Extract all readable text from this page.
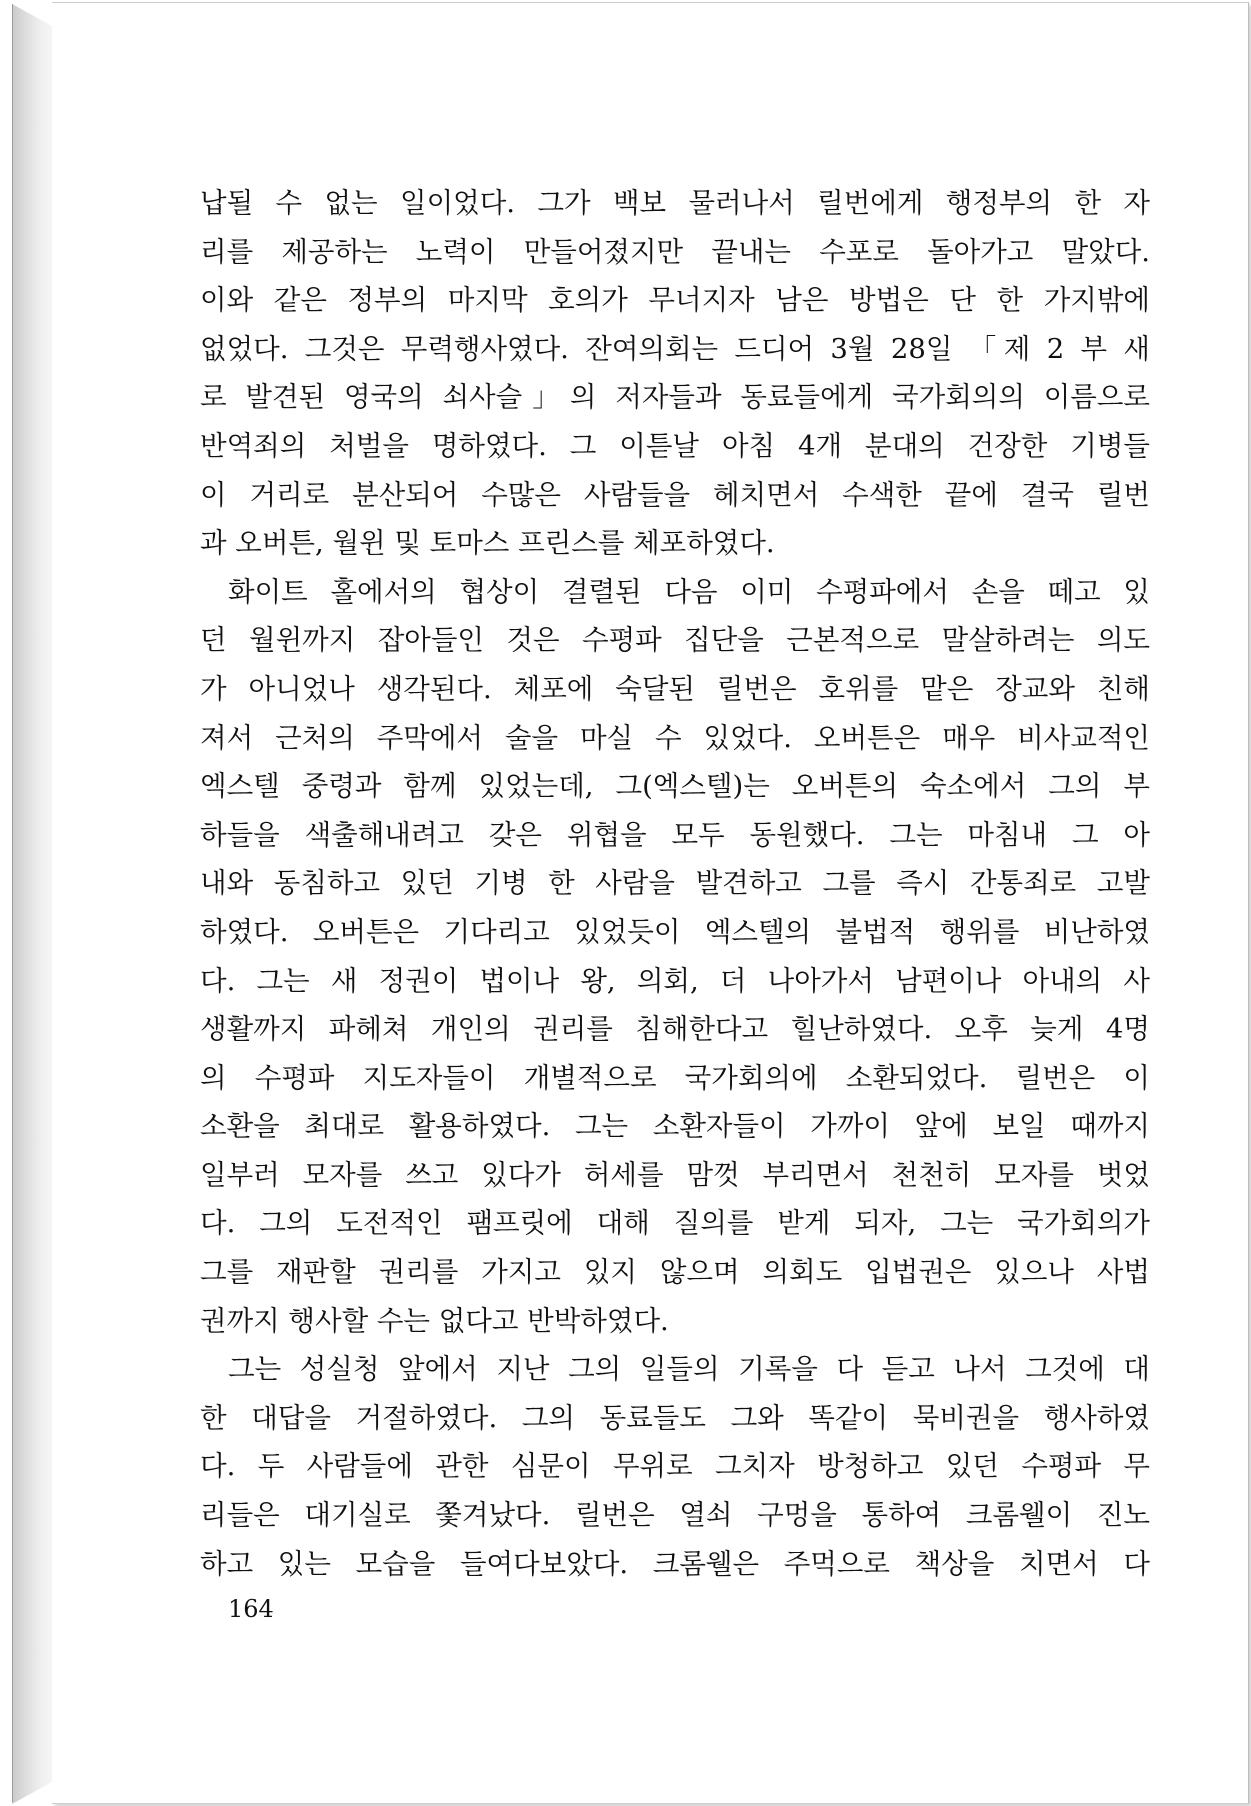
납될 수 없는 일이었다. 그가 백보 물러나서 릴번에게 행정부의 한 자
리를 제공하는 노력이 만들어졌지만 끝내는 수포로 돌아가고 말았다.
이와 같은 정부의 마지막 호의가 무너지자 남은 방법은 단 한 가지밖에
없었다. 그것은 무력행사였다. 잔여의회는 드디어 3월 28일 「제 2 부 새
로 발견된 영국의 쇠사슬」의 저자들과 동료들에게 국가회의의 이름으로
반역죄의 처벌을 명하였다. 그 이튿날 아침 4개 분대의 건장한 기병들
이 거리로 분산되어 수많은 사람들을 헤치면서 수색한 끝에 결국 릴번
과 오버튼, 월윈 및 토마스 프린스를 체포하였다.
화이트 홀에서의 협상이 결렬된 다음 이미 수평파에서 손을 떼고 있
던 월윈까지 잡아들인 것은 수평파 집단을 근본적으로 말살하려는 의도
가 아니었나 생각된다. 체포에 숙달된 릴번은 호위를 맡은 장교와 친해
져서 근처의 주막에서 술을 마실 수 있었다. 오버튼은 매우 비사교적인
엑스텔 중령과 함께 있었는데, 그(엑스텔)는 오버튼의 숙소에서 그의 부
하들을 색출해내려고 갖은 위협을 모두 동원했다. 그는 마침내 그 아
내와 동침하고 있던 기병 한 사람을 발견하고 그를 즉시 간통죄로 고발
하였다. 오버튼은 기다리고 있었듯이 엑스텔의 불법적 행위를 비난하였
다. 그는 새 정권이 법이나 왕, 의회, 더 나아가서 남편이나 아내의 사
생활까지 파헤쳐 개인의 권리를 침해한다고 힐난하였다. 오후 늦게 4명
의 수평파 지도자들이 개별적으로 국가회의에 소환되었다. 릴번은 이
소환을 최대로 활용하였다. 그는 소환자들이 가까이 앞에 보일 때까지
일부러 모자를 쓰고 있다가 허세를 맘껏 부리면서 천천히 모자를 벗었
다. 그의 도전적인 팸프릿에 대해 질의를 받게 되자, 그는 국가회의가
그를 재판할 권리를 가지고 있지 않으며 의회도 입법권은 있으나 사법
권까지 행사할 수는 없다고 반박하였다.
그는 성실청 앞에서 지난 그의 일들의 기록을 다 듣고 나서 그것에 대
한 대답을 거절하였다. 그의 동료들도 그와 똑같이 묵비권을 행사하였
다. 두 사람들에 관한 심문이 무위로 그치자 방청하고 있던 수평파 무
리들은 대기실로 쫓겨났다. 릴번은 열쇠 구멍을 통하여 크롬웰이 진노
하고 있는 모습을 들여다보았다. 크롬웰은 주먹으로 책상을 치면서 다
164
